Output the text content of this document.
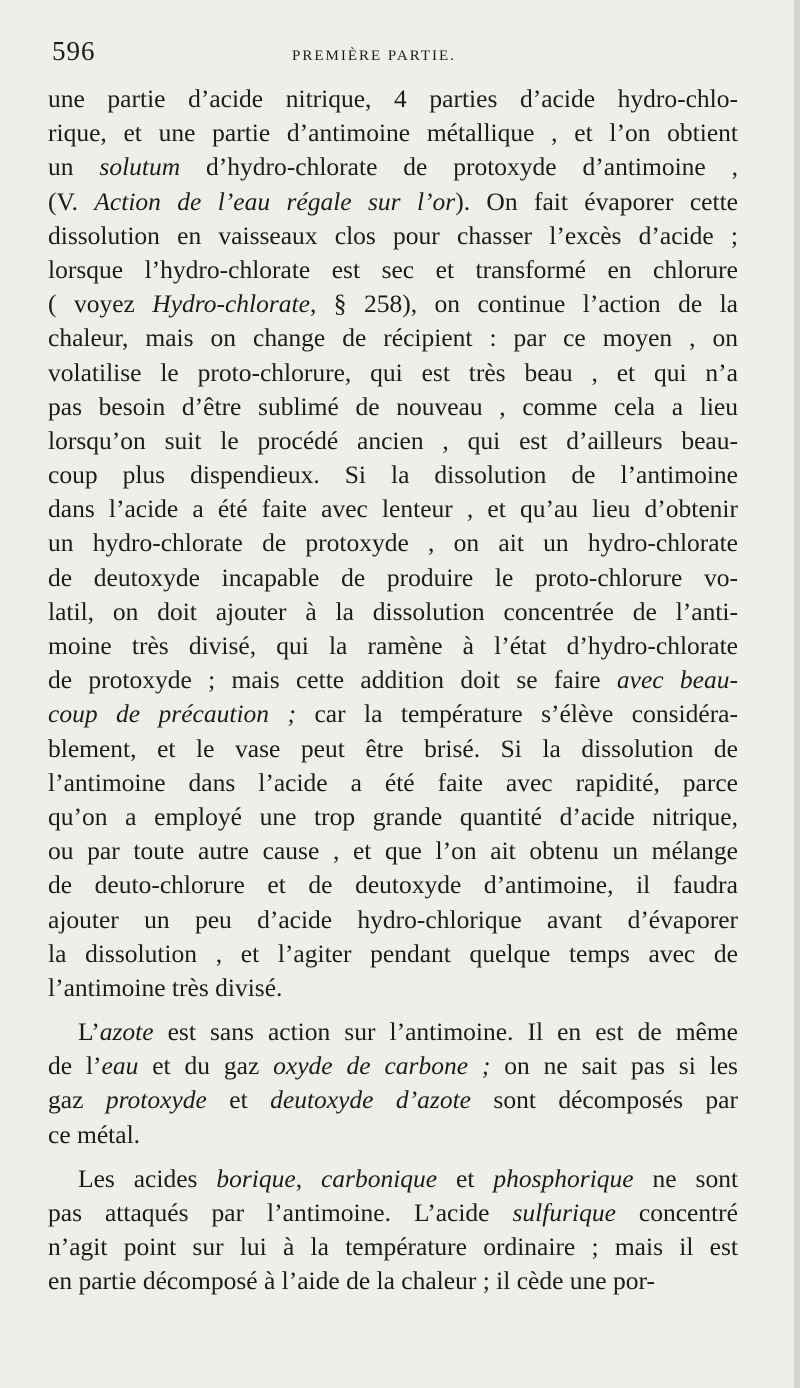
596	PREMIÈRE PARTIE.
une partie d’acide nitrique, 4 parties d’acide hydro-chlo-
rique, et une partie d’antimoine métallique , et l’on obtient
un solutum d’hydro-chlorate de protoxyde d’antimoine ,
(V. Action de l’eau régale sur l’or). On fait évaporer cette
dissolution en vaisseaux clos pour chasser l’excès d’acide ;
lorsque l’hydro-chlorate est sec et transformé en chlorure
( voyez Hydro-chlorate, § 258), on continue l’action de la
chaleur, mais on change de récipient : par ce moyen , on
volatilise le proto-chlorure, qui est très beau , et qui n’a
pas besoin d’être sublimé de nouveau , comme cela a lieu
lorsqu’on suit le procédé ancien , qui est d’ailleurs beau-
coup plus dispendieux. Si la dissolution de l’antimoine
dans l’acide a été faite avec lenteur , et qu’au lieu d’obtenir
un hydro-chlorate de protoxyde , on ait un hydro-chlorate
de deutoxyde incapable de produire le proto-chlorure vo-
latil, on doit ajouter à la dissolution concentrée de l’anti-
moine très divisé, qui la ramène à l’état d’hydro-chlorate
de protoxyde ; mais cette addition doit se faire avec beau-
coup de précaution ; car la température s’élève considéra-
blement, et le vase peut être brisé. Si la dissolution de
l’antimoine dans l’acide a été faite avec rapidité, parce
qu’on a employé une trop grande quantité d’acide nitrique,
ou par toute autre cause , et que l’on ait obtenu un mélange
de deuto-chlorure et de deutoxyde d’antimoine, il faudra
ajouter un peu d’acide hydro-chlorique avant d’évaporer
la dissolution , et l’agiter pendant quelque temps avec de
l’antimoine très divisé.
L’azote est sans action sur l’antimoine. Il en est de même
de l’eau et du gaz oxyde de carbone ; on ne sait pas si les
gaz protoxyde et deutoxyde d’azote sont décomposés par
ce métal.
Les acides borique, carbonique et phosphorique ne sont
pas attaqués par l’antimoine. L’acide sulfurique concentré
n’agit point sur lui à la température ordinaire ; mais il est
en partie décomposé à l’aide de la chaleur ; il cède une por-
